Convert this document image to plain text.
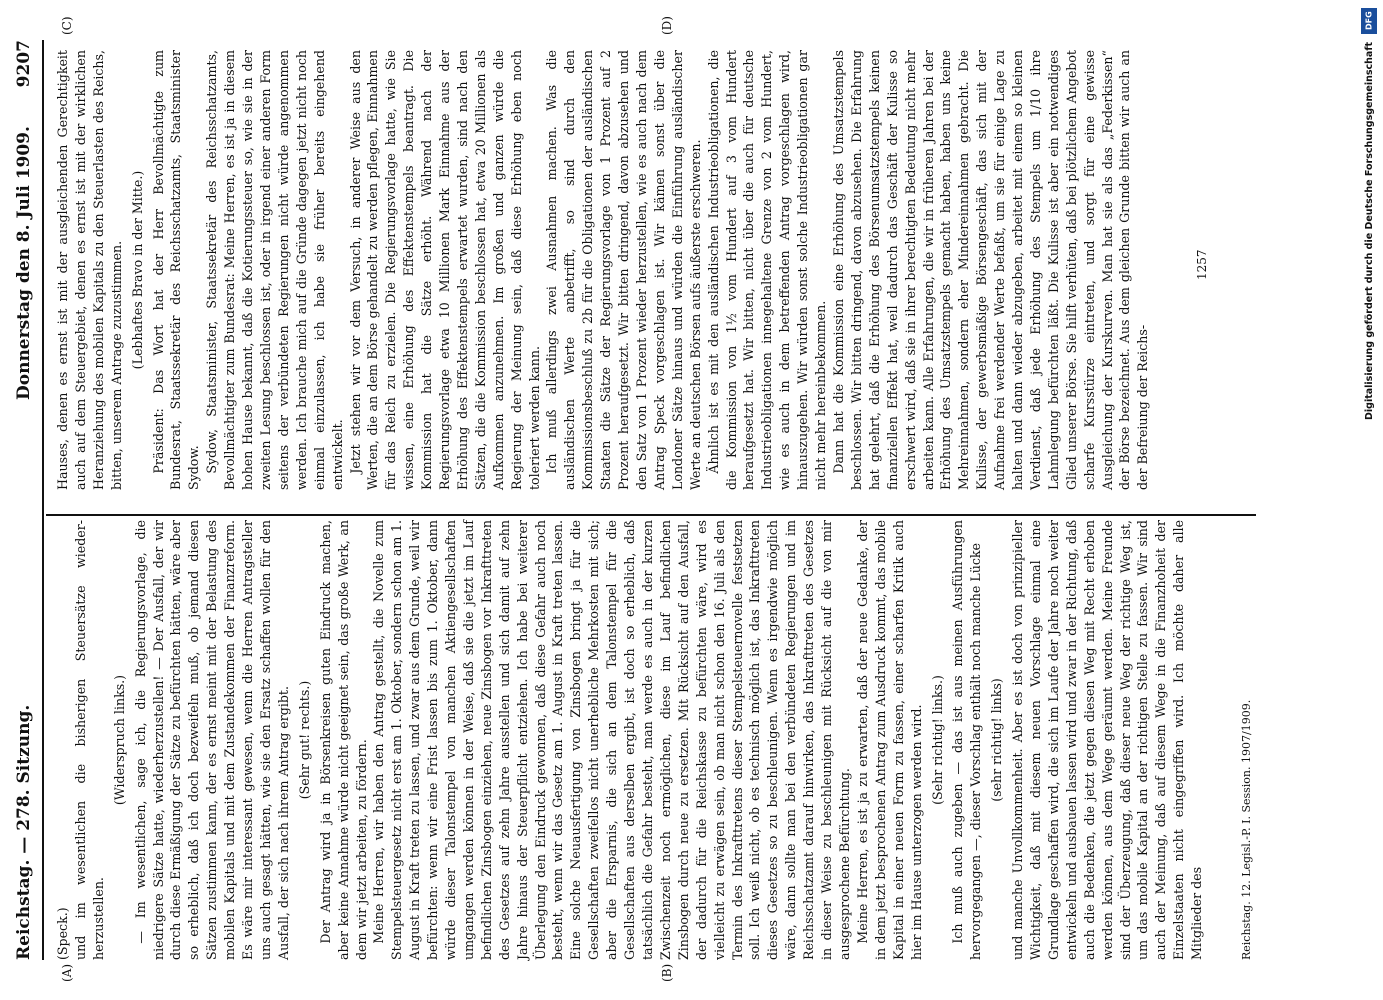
Reichstag. — 278. Sitzung.
Donnerstag den 8. Juli 1909.
9207
(A)	(B)
(C)	(D)

(Speck.) und im wesentlichen die bisherigen Steuersätze wieder-herzustellen.

(Widerspruch links.) — Im wesentlichen, sage ich, die Regierungsvorlage, die niedrigere Sätze hatte, wiederherzustellen! — Der Ausfall, der wir durch diese Ermäßigung der Sätze zu befürchten hätten, wäre aber so erheblich, daß ich doch bezweifeln muß, ob jemand diesen Sätzen zustimmen kann, der es ernst meint mit der Belastung des mobilen Kapitals und mit dem Zustandekommen der Finanzreform. Es wäre mir interessant gewesen, wenn die Herren Antragsteller uns auch gesagt hätten, wie sie den Ersatz schaffen wollen für den Ausfall, der sich nach ihrem Antrag ergibt. (Sehr gut! rechts.) Der Antrag wird ja in Börsenkreisen guten Eindruck machen, aber keine Annahme würde nicht geeignet sein, das große Werk, an dem wir jetzt arbeiten, zu fördern. Meine Herren, wir haben den Antrag gestellt, die Novelle zum Stempelsteuergesetz nicht erst am 1. Oktober, sondern schon am 1. August in Kraft treten zu lassen, und zwar aus dem Grunde, weil wir befürchten: wenn wir eine Frist lassen bis zum 1. Oktober, dann würde dieser Talonstempel von manchen Aktiengesellschaften umgangen werden können in der Weise, daß sie die jetzt im Lauf befindlichen Zinsbogen einziehen, neue Zinsbogen vor Inkrafttreten des Gesetzes auf zehn Jahre ausstellen und sich damit auf zehn Jahre hinaus der Steuerpflicht entziehen. Ich habe bei weiterer Überlegung den Eindruck gewonnen, daß diese Gefahr auch noch besteht, wenn wir das Gesetz am 1. August in Kraft treten lassen. Eine solche Neuausfertigung von Zinsbogen bringt ja für die Gesellschaften zweifellos nicht unerhebliche Mehrkosten mit sich; aber die Ersparnis, die sich an dem Talonstempel für die Gesellschaften aus derselben ergibt, ist doch so erheblich, daß tatsächlich die Gefahr besteht, man werde es auch in der kurzen Zwischenzeit noch ermöglichen, diese im Lauf befindlichen Zinsbogen durch neue zu ersetzen. Mit Rücksicht auf den Ausfall, der dadurch für die Reichskasse zu befürchten wäre, wird es vielleicht zu erwägen sein, ob man nicht schon den 16. Juli als den Termin des Inkrafttretens dieser Stempelsteuernovelle festsetzen soll. Ich weiß nicht, ob es technisch möglich ist, das Inkrafttreten dieses Gesetzes so zu beschleunigen. Wenn es irgendwie möglich wäre, dann sollte man bei den verbündeten Regierungen und im Reichsschatzamt darauf hinwirken, das Inkrafttreten des Gesetzes in dieser Weise zu beschleunigen mit Rücksicht auf die von mir ausgesprochene Befürchtung. Meine Herren, es ist ja zu erwarten, daß der neue Gedanke, der in dem jetzt besprochenen Antrag zum Ausdruck kommt, das mobile Kapital in einer neuen Form zu fassen, einer scharfen Kritik auch hier im Hause unterzogen werden wird. (Sehr richtig! links.) Ich muß auch zugeben — das ist aus meinen Ausführungen hervorgegangen —, dieser Vorschlag enthält noch manche Lücke (sehr richtig! links) und manche Unvollkommenheit. Aber es ist doch von prinzipieller Wichtigkeit, daß mit diesem neuen Vorschlage einmal eine Grundlage geschaffen wird, die sich im Laufe der Jahre noch weiter entwickeln und ausbauen lassen wird und zwar in der Richtung, daß auch die Bedenken, die jetzt gegen diesen Weg mit Recht erhoben werden können, aus dem Wege geräumt werden. Meine Freunde sind der Überzeugung, daß dieser neue Weg der richtige Weg ist, um das mobile Kapital an der richtigen Stelle zu fassen. Wir sind auch der Meinung, daß auf diesem Wege in die Finanzhoheit der Einzelstaaten nicht eingegriffen wird. Ich möchte daher alle Mitglieder des

Hauses, denen es ernst ist mit der ausgleichenden Gerechtigkeit auch auf dem Steuergebiet, denen es ernst ist mit der wirklichen Heranziehung des mobilen Kapitals zu den Steuerlasten des Reichs, bitten, unserem Antrage zuzustimmen. (Lebhaftes Bravo in der Mitte.) Präsident: Das Wort hat der Herr Bevollmächtigte zum Bundesrat, Staatssekretär des Reichsschatzamts, Staatsminister Sydow. Sydow, Staatsminister, Staatssekretär des Reichsschatzamts, Bevollmächtigter zum Bundesrat: Meine Herren, es ist ja in diesem hohen Hause bekannt, daß die Kotierungssteuer so, wie sie in der zweiten Lesung beschlossen ist, oder in irgend einer anderen Form seitens der verbündeten Regierungen nicht würde angenommen werden. Ich brauche mich auf die Gründe dagegen jetzt nicht noch einmal einzulassen, ich habe sie früher bereits eingehend entwickelt. Jetzt stehen wir vor dem Versuch, in anderer Weise aus den Werten, die an dem Börse gehandelt zu werden pflegen, Einnahmen für das Reich zu erzielen. Die Regierungsvorlage hatte, wie Sie wissen, eine Erhöhung des Effektenstempels beantragt. Die Kommission hat die Sätze erhöht. Während nach der Regierungsvorlage etwa 10 Millionen Mark Einnahme aus der Erhöhung des Effektenstempels erwartet wurden, sind nach den Sätzen, die die Kommission beschlossen hat, etwa 20 Millionen als Aufkommen anzunehmen. Im großen und ganzen würde die Regierung der Meinung sein, daß diese Erhöhung eben noch toleriert werden kann. Ich muß allerdings zwei Ausnahmen machen. Was die ausländischen Werte anbetrifft, so sind durch den Kommissionsbeschluß zu 2b für die Obligationen der ausländischen Staaten die Sätze der Regierungsvorlage von 1 Prozent auf 2 Prozent heraufgesetzt. Wir bitten dringend, davon abzusehen und den Satz von 1 Prozent wieder herzustellen, wie es auch nach dem Antrag Speck vorgeschlagen ist. Wir kämen sonst über die Londoner Sätze hinaus und würden die Einführung ausländischer Werte an deutschen Börsen aufs äußerste erschweren. Ähnlich ist es mit den ausländischen Industrieobligationen, die die Kommission von 1½ vom Hundert auf 3 vom Hundert heraufgesetzt hat. Wir bitten, nicht über die auch für deutsche Industrieobligationen innegehaltene Grenze von 2 vom Hundert, wie es auch in dem betreffenden Antrag vorgeschlagen wird, hinauszugehen. Wir würden sonst solche Industrieobligationen gar nicht mehr hereinbekommen. Dann hat die Kommission eine Erhöhung des Umsatzstempels beschlossen. Wir bitten dringend, davon abzusehen. Die Erfahrung hat gelehrt, daß die Erhöhung des Börsenumsatzstempels keinen finanziellen Effekt hat, weil dadurch das Geschäft der Kulisse so erschwert wird, daß sie in ihrer berechtigten Bedeutung nicht mehr arbeiten kann. Alle Erfahrungen, die wir in früheren Jahren bei der Erhöhung des Umsatzstempels gemacht haben, haben uns keine Mehreinnahmen, sondern eher Mindereinnahmen gebracht. Die Kulisse, der gewerbsmäßige Börsengeschäft, das sich mit der Aufnahme frei werdender Werte befaßt, um sie für einige Lage zu halten und dann wieder abzugeben, arbeitet mit einem so kleinen Verdienst, daß jede Erhöhung des Stempels um 1/10 ihre Lahmlegung befürchten läßt. Die Kulisse ist aber ein notwendiges Glied unserer Börse. Sie hilft verhüten, daß bei plötzlichem Angebot scharfe Kursstürze eintreten, und sorgt für eine gewisse Ausgleichung der Kurskurven. Man hat sie als das „Federkissen“ der Börse bezeichnet. Aus dem gleichen Grunde bitten wir auch an der Befreiung der Reichs-

Reichstag. 12. Legisl.-P. I. Session. 1907/1909.
1257
DFG
Digitalisierung gefördert durch die Deutsche Forschungsgemeinschaft
